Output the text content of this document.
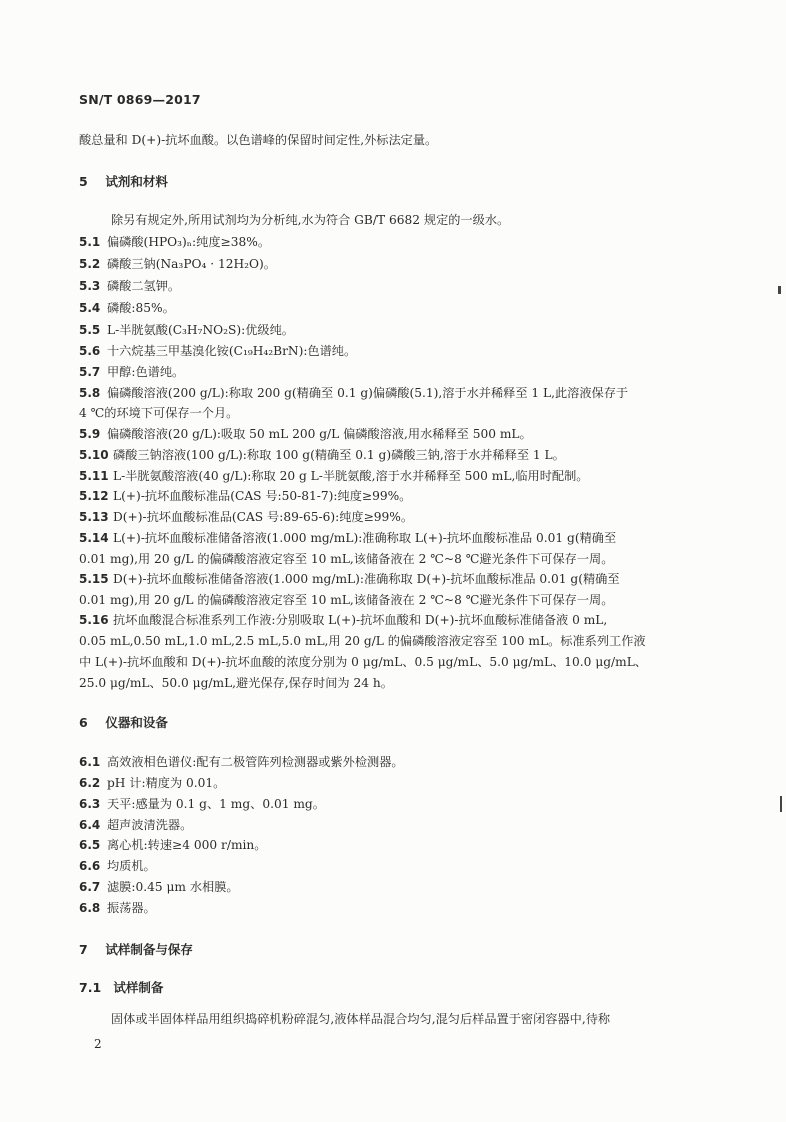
SN/T 0869—2017
酸总量和 D(+)-抗坏血酸。以色谱峰的保留时间定性,外标法定量。
5 试剂和材料
除另有规定外,所用试剂均为分析纯,水为符合 GB/T 6682 规定的一级水。
5.1 偏磷酸(HPO₃)ₙ:纯度≥38%。
5.2 磷酸三钠(Na₃PO₄ · 12H₂O)。
5.3 磷酸二氢钾。
5.4 磷酸:85%。
5.5 L-半胱氨酸(C₃H₇NO₂S):优级纯。
5.6 十六烷基三甲基溴化铵(C₁₉H₄₂BrN):色谱纯。
5.7 甲醇:色谱纯。
5.8 偏磷酸溶液(200 g/L):称取 200 g(精确至 0.1 g)偏磷酸(5.1),溶于水并稀释至 1 L,此溶液保存于
4 ℃的环境下可保存一个月。
5.9 偏磷酸溶液(20 g/L):吸取 50 mL 200 g/L 偏磷酸溶液,用水稀释至 500 mL。
5.10 磷酸三钠溶液(100 g/L):称取 100 g(精确至 0.1 g)磷酸三钠,溶于水并稀释至 1 L。
5.11 L-半胱氨酸溶液(40 g/L):称取 20 g L-半胱氨酸,溶于水并稀释至 500 mL,临用时配制。
5.12 L(+)-抗坏血酸标准品(CAS 号:50-81-7):纯度≥99%。
5.13 D(+)-抗坏血酸标准品(CAS 号:89-65-6):纯度≥99%。
5.14 L(+)-抗坏血酸标准储备溶液(1.000 mg/mL):准确称取 L(+)-抗坏血酸标准品 0.01 g(精确至
0.01 mg),用 20 g/L 的偏磷酸溶液定容至 10 mL,该储备液在 2 ℃~8 ℃避光条件下可保存一周。
5.15 D(+)-抗坏血酸标准储备溶液(1.000 mg/mL):准确称取 D(+)-抗坏血酸标准品 0.01 g(精确至
0.01 mg),用 20 g/L 的偏磷酸溶液定容至 10 mL,该储备液在 2 ℃~8 ℃避光条件下可保存一周。
5.16 抗坏血酸混合标准系列工作液:分别吸取 L(+)-抗坏血酸和 D(+)-抗坏血酸标准储备液 0 mL,
0.05 mL,0.50 mL,1.0 mL,2.5 mL,5.0 mL,用 20 g/L 的偏磷酸溶液定容至 100 mL。标准系列工作液
中 L(+)-抗坏血酸和 D(+)-抗坏血酸的浓度分别为 0 μg/mL、0.5 μg/mL、5.0 μg/mL、10.0 μg/mL、
25.0 μg/mL、50.0 μg/mL,避光保存,保存时间为 24 h。
6 仪器和设备
6.1 高效液相色谱仪:配有二极管阵列检测器或紫外检测器。
6.2 pH 计:精度为 0.01。
6.3 天平:感量为 0.1 g、1 mg、0.01 mg。
6.4 超声波清洗器。
6.5 离心机:转速≥4 000 r/min。
6.6 均质机。
6.7 滤膜:0.45 μm 水相膜。
6.8 振荡器。
7 试样制备与保存
7.1 试样制备
固体或半固体样品用组织捣碎机粉碎混匀,液体样品混合均匀,混匀后样品置于密闭容器中,待称
2
